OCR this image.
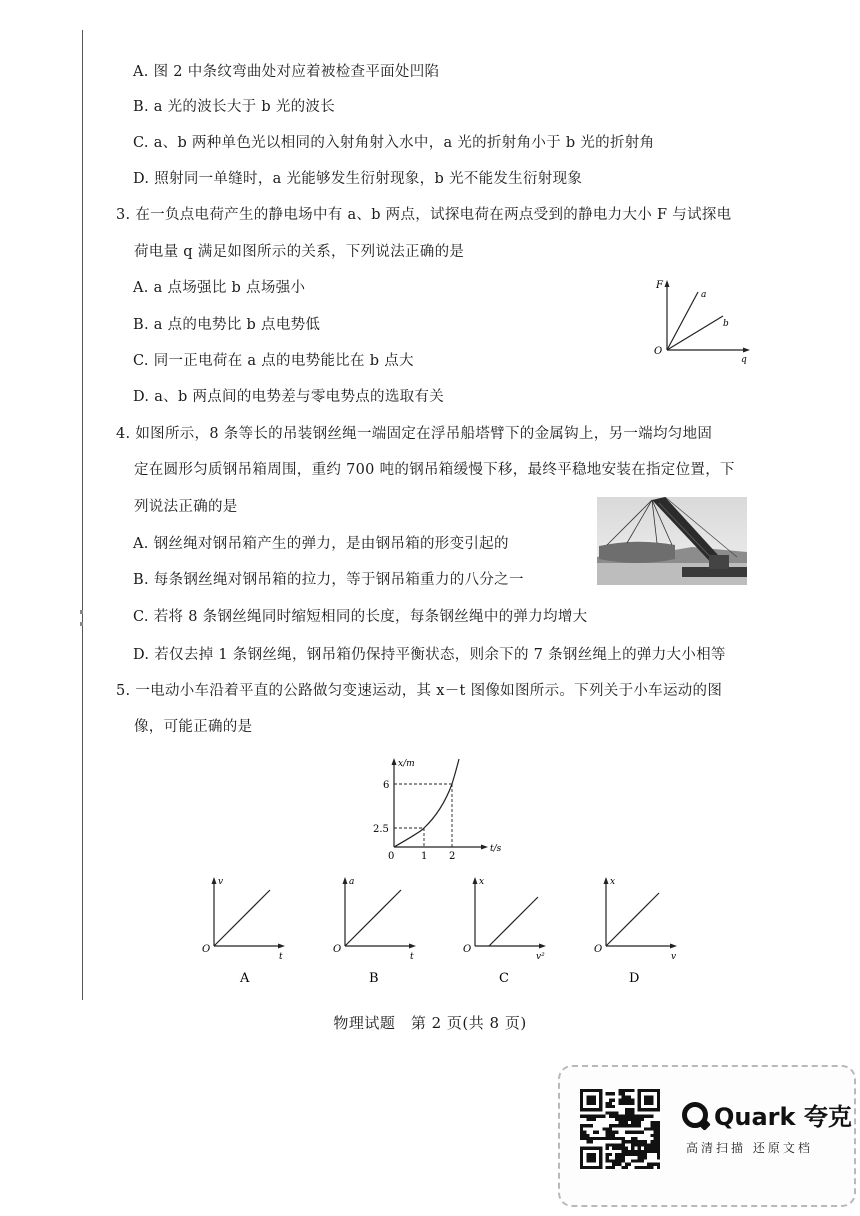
A. 图 2 中条纹弯曲处对应着被检查平面处凹陷
B. a 光的波长大于 b 光的波长
C. a、b 两种单色光以相同的入射角射入水中，a 光的折射角小于 b 光的折射角
D. 照射同一单缝时，a 光能够发生衍射现象，b 光不能发生衍射现象
3. 在一负点电荷产生的静电场中有 a、b 两点，试探电荷在两点受到的静电力大小 F 与试探电
荷电量 q 满足如图所示的关系，下列说法正确的是
A. a 点场强比 b 点场强小
B. a 点的电势比 b 点电势低
C. 同一正电荷在 a 点的电势能比在 b 点大
D. a、b 两点间的电势差与零电势点的选取有关
F
q
O
a
b
4. 如图所示，8 条等长的吊装钢丝绳一端固定在浮吊船塔臂下的金属钩上，另一端均匀地固
定在圆形匀质钢吊箱周围，重约 700 吨的钢吊箱缓慢下移，最终平稳地安装在指定位置，下
列说法正确的是
A. 钢丝绳对钢吊箱产生的弹力，是由钢吊箱的形变引起的
B. 每条钢丝绳对钢吊箱的拉力，等于钢吊箱重力的八分之一
C. 若将 8 条钢丝绳同时缩短相同的长度，每条钢丝绳中的弹力均增大
D. 若仅去掉 1 条钢丝绳，钢吊箱仍保持平衡状态，则余下的 7 条钢丝绳上的弹力大小相等
5. 一电动小车沿着平直的公路做匀变速运动，其 x－t 图像如图所示。下列关于小车运动的图
像，可能正确的是
x/m
t/s
0
2.5
6
1 2
v
t
O
A
a
t
O
B
x
v²
O
C
x
v
O
D
物理试题　第 2 页(共 8 页)
Quark 夸克
高清扫描 还原文档
